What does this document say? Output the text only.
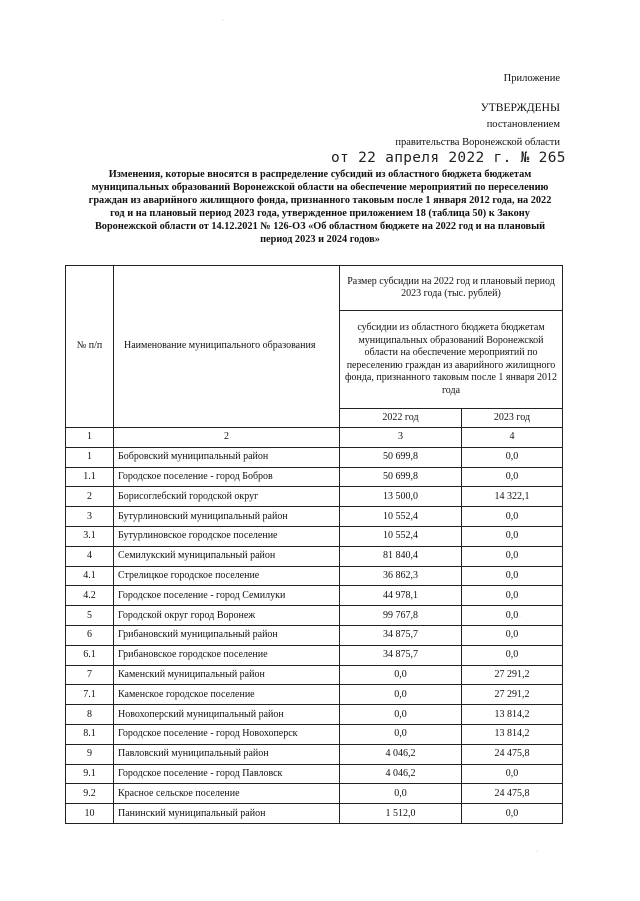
Приложение
УТВЕРЖДЕНЫ
постановлением
правительства Воронежской области
от 22 апреля 2022 г. № 265
Изменения, которые вносятся в распределение субсидий из областного бюджета бюджетам
муниципальных образований Воронежской области на обеспечение мероприятий по переселению
граждан из аварийного жилищного фонда, признанного таковым после 1 января 2012 года, на 2022
год и на плановый период 2023 года, утвержденное приложением 18 (таблица 50) к Закону
Воронежской области от 14.12.2021 № 126-ОЗ «Об областном бюджете на 2022 год и на плановый
период 2023 и 2024 годов»
№ п/п	Наименование муниципального образования	Размер субсидии на 2022 год и плановый период 2023 года (тыс. рублей)	
		субсидии из областного бюджета бюджетам муниципальных образований Воронежской области на обеспечение мероприятий по переселению граждан из аварийного жилищного фонда, признанного таковым после 1 января 2012 года	
		2022 год	2023 год
1	2	3	4
1	Бобровский муниципальный район	50 699,8	0,0
1.1	Городское поселение - город Бобров	50 699,8	0,0
2	Борисоглебский городской округ	13 500,0	14 322,1
3	Бутурлиновский муниципальный район	10 552,4	0,0
3.1	Бутурлиновское городское поселение	10 552,4	0,0
4	Семилукский муниципальный район	81 840,4	0,0
4.1	Стрелицкое городское поселение	36 862,3	0,0
4.2	Городское поселение - город Семилуки	44 978,1	0,0
5	Городской округ город Воронеж	99 767,8	0,0
6	Грибановский муниципальный район	34 875,7	0,0
6.1	Грибановское городское поселение	34 875,7	0,0
7	Каменский муниципальный район	0,0	27 291,2
7.1	Каменское городское поселение	0,0	27 291,2
8	Новохоперский муниципальный район	0,0	13 814,2
8.1	Городское поселение - город Новохоперск	0,0	13 814,2
9	Павловский муниципальный район	4 046,2	24 475,8
9.1	Городское поселение - город Павловск	4 046,2	0,0
9.2	Красное сельское поселение	0,0	24 475,8
10	Панинский муниципальный район	1 512,0	0,0
·
·
·
